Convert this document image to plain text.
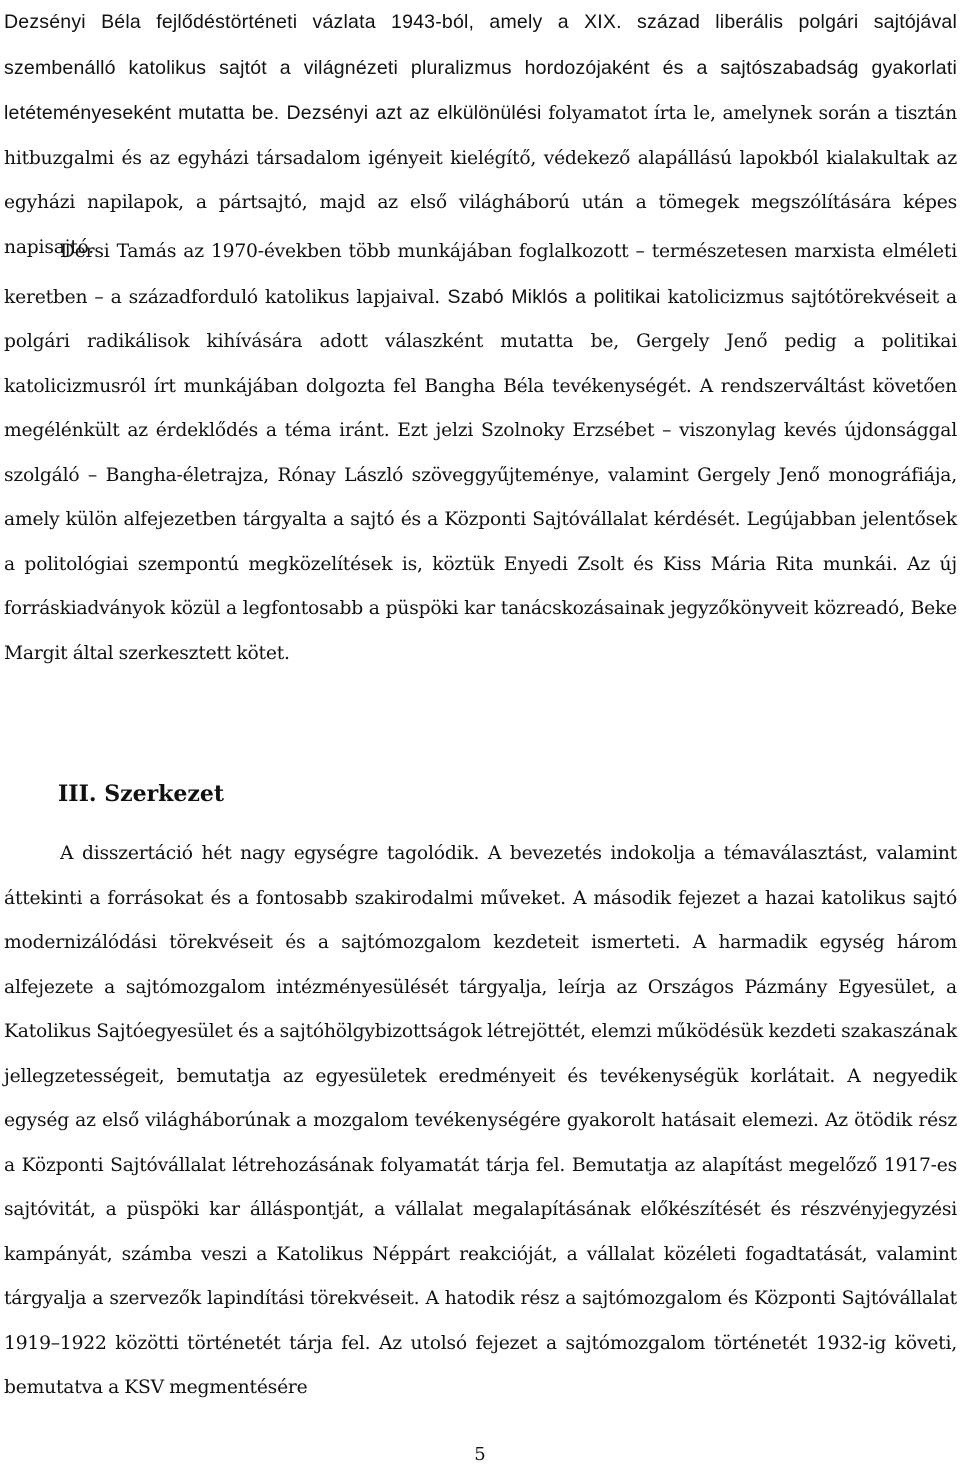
Dezsényi Béla fejlődéstörténeti vázlata 1943-ból, amely a XIX. század liberális polgári sajtójával szembenálló katolikus sajtót a világnézeti pluralizmus hordozójaként és a sajtószabadság gyakorlati letéteményeseként mutatta be. Dezsényi azt az elkülönülési folyamatot írta le, amelynek során a tisztán hitbuzgalmi és az egyházi társadalom igényeit kielégítő, védekező alapállású lapokból kialakultak az egyházi napilapok, a pártsajtó, majd az első világháború után a tömegek megszólítására képes napisajtó.

Dersi Tamás az 1970-években több munkájában foglalkozott – természetesen marxista elméleti keretben – a századforduló katolikus lapjaival. Szabó Miklós a politikai katolicizmus sajtótörekvéseit a polgári radikálisok kihívására adott válaszként mutatta be, Gergely Jenő pedig a politikai katolicizmusról írt munkájában dolgozta fel Bangha Béla tevékenységét. A rendszerváltást követően megélénkült az érdeklődés a téma iránt. Ezt jelzi Szolnoky Erzsébet – viszonylag kevés újdonsággal szolgáló – Bangha-életrajza, Rónay László szöveggyűjteménye, valamint Gergely Jenő monográfiája, amely külön alfejezetben tárgyalta a sajtó és a Központi Sajtóvállalat kérdését. Legújabban jelentősek a politológiai szempontú megközelítések is, köztük Enyedi Zsolt és Kiss Mária Rita munkái. Az új forráskiadványok közül a legfontosabb a püspöki kar tanácskozásainak jegyzőkönyveit közreadó, Beke Margit által szerkesztett kötet.

III. Szerkezet

A disszertáció hét nagy egységre tagolódik. A bevezetés indokolja a témaválasztást, valamint áttekinti a forrásokat és a fontosabb szakirodalmi műveket. A második fejezet a hazai katolikus sajtó modernizálódási törekvéseit és a sajtómozgalom kezdeteit ismerteti. A harmadik egység három alfejezete a sajtómozgalom intézményesülését tárgyalja, leírja az Országos Pázmány Egyesület, a Katolikus Sajtóegyesület és a sajtóhölgybizottságok létrejöttét, elemzi működésük kezdeti szakaszának jellegzetességeit, bemutatja az egyesületek eredményeit és tevékenységük korlátait. A negyedik egység az első világháborúnak a mozgalom tevékenységére gyakorolt hatásait elemezi. Az ötödik rész a Központi Sajtóvállalat létrehozásának folyamatát tárja fel. Bemutatja az alapítást megelőző 1917-es sajtóvitát, a püspöki kar álláspontját, a vállalat megalapításának előkészítését és részvényjegyzési kampányát, számba veszi a Katolikus Néppárt reakcióját, a vállalat közéleti fogadtatását, valamint tárgyalja a szervezők lapindítási törekvéseit. A hatodik rész a sajtómozgalom és Központi Sajtóvállalat 1919–1922 közötti történetét tárja fel. Az utolsó fejezet a sajtómozgalom történetét 1932-ig követi, bemutatva a KSV megmentésére

5
